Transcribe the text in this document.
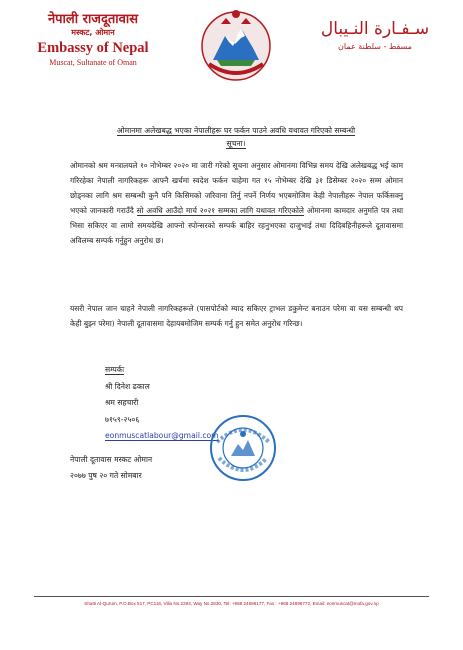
नेपाली राजदूतावास
मस्कट, ओमान
Embassy of Nepal
Muscat, Sultanate of Oman
سـفـارة النـيبال
مسقط - سلطنة عمان
ओमानमा अलेखबद्ध भएका नेपालीहरू घर फर्कन पाउने अवधि यथावत गरिएको सम्बन्धी
सूचना।
ओमानको श्रम मन्त्रालयले १० नोभेम्बर २०२० मा जारी गरेको सूचना अनुसार ओमानमा विभिन्न समय देखि अलेखबद्ध भई काम गरिरहेका नेपाली नागरिकहरू आफ्नै खर्चमा स्वदेश फर्कन चाहेमा गत १५ नोभेम्बर देखि ३१ डिसेम्बर २०२० सम्म ओमान छोड्नका लागि श्रम सम्बन्धी कुनै पनि किसिमको जरिवाना तिर्नु नपर्ने निर्णय भएबमोजिम केही नेपालीहरू नेपाल फर्किसक्नु भएको जानकारी गराउँदै सो अवधि आउँदो मार्च २०२१ सम्मका लागि यथावत गरिएकोले ओमानमा कामदार अनुमति पत्र तथा भिसा सकिएर वा लामो समयदेखि आफ्नो स्पोन्सरको सम्पर्क बाहिर रहनुभएका दाजुभाई तथा दिदिबहिनीहरूले दूतावासमा अविलम्ब सम्पर्क गर्नुहुन अनुरोध छ।
यसरी नेपाल जान चाहने नेपाली नागरिकहरूले (पासपोर्टको म्याद सकिएर ट्राभल डकुमेन्ट बनाउन परेमा वा यस सम्बन्धी थप केही बुझ्न परेमा) नेपाली दूतावासमा देहायबमोजिम सम्पर्क गर्नु हुन समेत अनुरोध गरिन्छ।
सम्पर्कः
श्री दिनेश ढकाल
श्रम सहचारी
७१५९-२५०६
eonmuscatlabour@gmail.com
नेपाली दूतावास मस्कट ओमान
२०७७ पुष २० गते सोमबार
Shatti Al-Qurum, P.O.Box 517, PC116, Villa No.2294, Way No.2830, Tel: +968 24696177, Fax : +968 24696772, Email: eonmuscat@mofa.gov.np
